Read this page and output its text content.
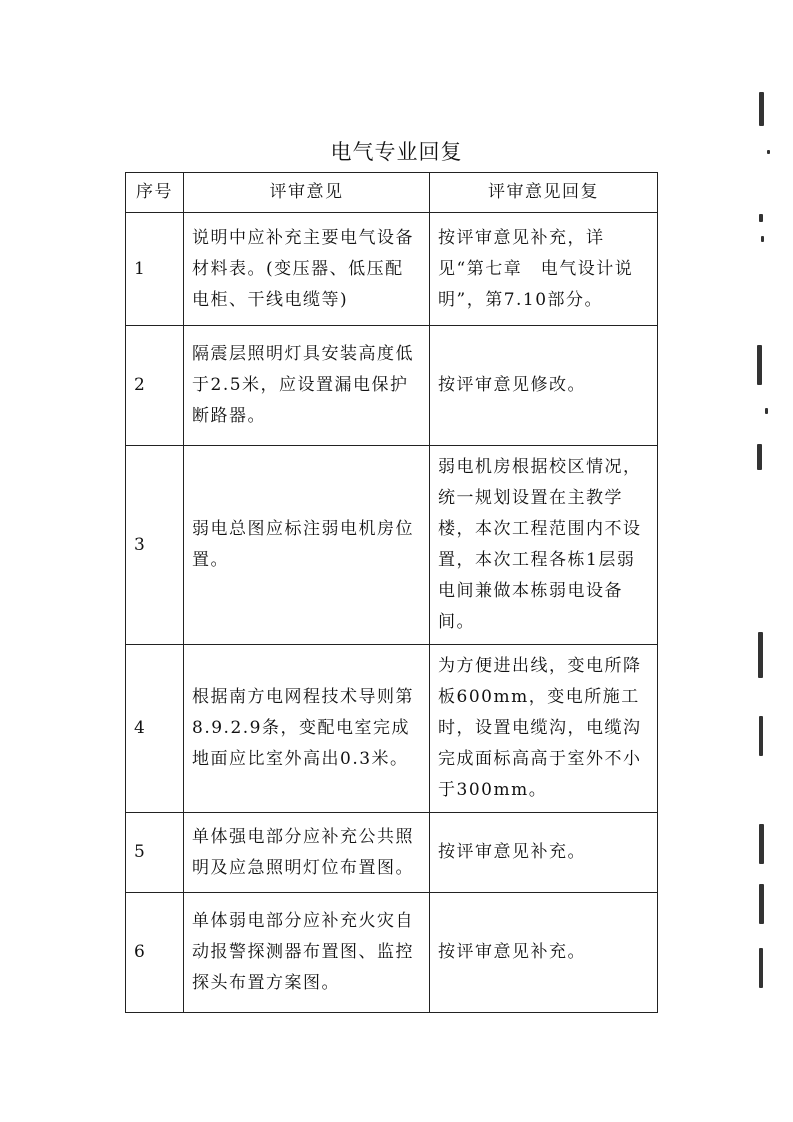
电气专业回复
序号	评审意见	评审意见回复
1	说明中应补充主要电气设备材料表。(变压器、低压配电柜、干线电缆等)	按评审意见补充，详见“第七章　电气设计说明”，第7.10部分。
2	隔震层照明灯具安装高度低于2.5米，应设置漏电保护断路器。	按评审意见修改。
3	弱电总图应标注弱电机房位置。	弱电机房根据校区情况，统一规划设置在主教学楼，本次工程范围内不设置，本次工程各栋1层弱电间兼做本栋弱电设备间。
4	根据南方电网程技术导则第8.9.2.9条，变配电室完成地面应比室外高出0.3米。	为方便进出线，变电所降板600mm，变电所施工时，设置电缆沟，电缆沟完成面标高高于室外不小于300mm。
5	单体强电部分应补充公共照明及应急照明灯位布置图。	按评审意见补充。
6	单体弱电部分应补充火灾自动报警探测器布置图、监控探头布置方案图。	按评审意见补充。
